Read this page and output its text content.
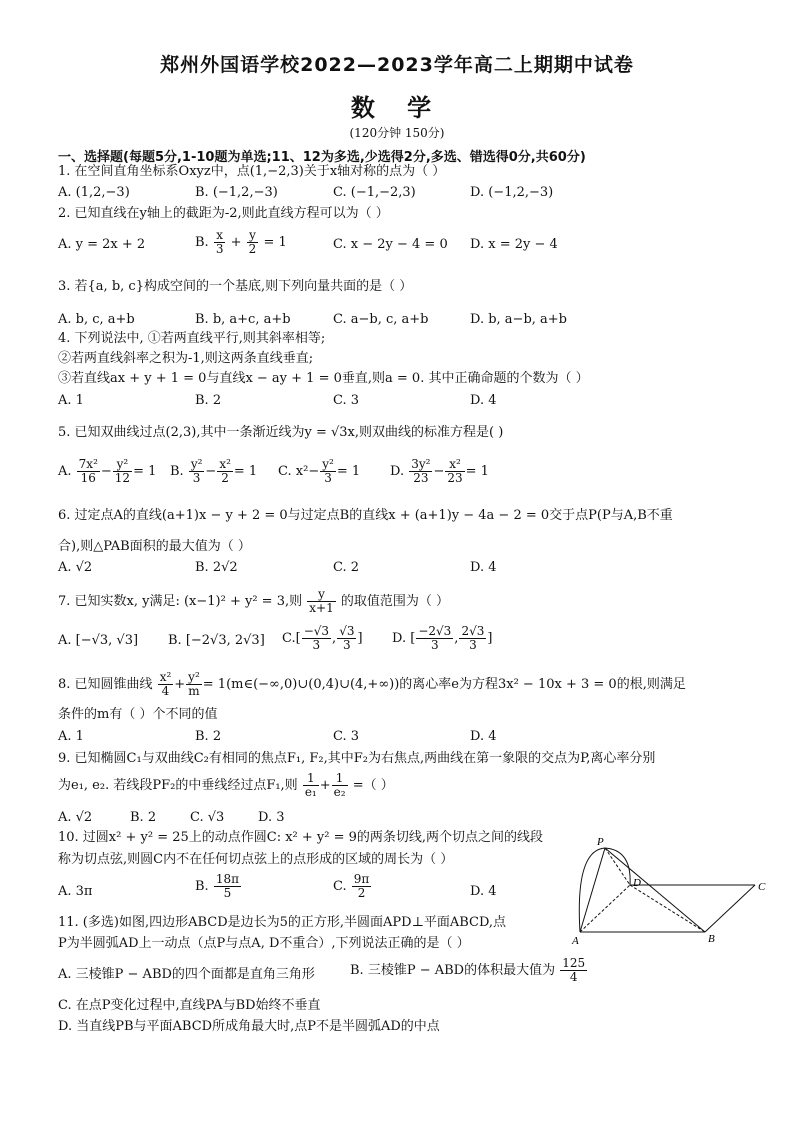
郑州外国语学校2022—2023学年高二上期期中试卷
数 学
(120分钟 150分)
一、选择题(每题5分,1-10题为单选;11、12为多选,少选得2分,多选、错选得0分,共60分)
1. 在空间直角坐标系Oxyz中，点(1,−2,3)关于x轴对称的点为（ ）
A. (1,2,−3)	B. (−1,2,−3)	C. (−1,−2,3)	D. (−1,2,−3)
2. 已知直线在y轴上的截距为-2,则此直线方程可以为（ ）
A. y = 2x + 2	B. $\frac{x}{3} + \frac{y}{2} = 1$	C. x − 2y − 4 = 0 D. x = 2y − 4
3. 若{a, b, c}构成空间的一个基底,则下列向量共面的是（ ）
A. b, c, a+b	B. b, a+c, a+b	C. a−b, c, a+b	D. b, a−b, a+b
4. 下列说法中, ①若两直线平行,则其斜率相等;
②若两直线斜率之积为-1,则这两条直线垂直;
③若直线ax + y + 1 = 0与直线x − ay + 1 = 0垂直,则a = 0. 其中正确命题的个数为（ ）
A. 1	B. 2	C. 3	D. 4
5. 已知双曲线过点(2,3),其中一条渐近线为y = √3x,则双曲线的标准方程是( )
A. $\frac{\text{7x²}}{16} - \frac{\text{y²}}{12} = 1$ B. $\frac{\text{y²}}{3} - \frac{\text{x²}}{2} = 1$ C. $x^2- \frac{\text{y²}}{3} = 1$ D. $\frac{\text{3y²}}{23} - \frac{\text{x²}}{23} = 1$
6. 过定点A的直线(a+1)x − y + 2 = 0与过定点B的直线x + (a+1)y − 4a − 2 = 0交于点P(P与A,B不重
合),则△PAB面积的最大值为（ ）
A. √2	B. 2√2	C. 2	D. 4
7. 已知实数x, y满足: (x−1)² + y² = 3,则 $\frac{y}{x+1}$ 的取值范围为（ ）
A. [−√3, √3] B. [−2√3, 2√3] $C.[ \frac{-√3}{3}$ , $\frac{√3}{3}$ ] D. [ $\frac{-2√3}{3}$ , $\frac{2√3}{3}$ ]
8. 已知圆锥曲线 $\frac{\text{x²}}{4} + \frac{\text{y²}}{m}$ = 1(m∈(−∞,0)∪(0,4)∪(4,+∞))的离心率e为方程3x² − 10x + 3 = 0的根,则满足
条件的m有（ ）个不同的值
A. 1	B. 2	C. 3	D. 4
9. 已知椭圆C₁与双曲线C₂有相同的焦点F₁, F₂,其中F₂为右焦点,两曲线在第一象限的交点为P,离心率分别
为e₁, e₂. 若线段PF₂的中垂线经过点F₁,则 $\frac{1}{\text{e₁}} + \frac{1}{\text{e₂}}$ =（ ）
A. √2	B. 2	C. √3	D. 3
10. 过圆x² + y² = 25上的动点作圆C: x² + y² = 9的两条切线,两个切点之间的线段
称为切点弦,则圆C内不在任何切点弦上的点形成的区域的周长为（ ）
A. 3π	B. $\frac{18\pi}{5}$	C. $\frac{9\pi}{2}$	D. 4
11. (多选)如图,四边形ABCD是边长为5的正方形,半圆面APD⊥平面ABCD,点
P为半圆弧AD上一动点（点P与点A, D不重合）,下列说法正确的是（ ）
A. 三棱锥P − ABD的四个面都是直角三角形	B. 三棱锥P − ABD的体积最大值为 $\frac{125}{4}$
C. 在点P变化过程中,直线PA与BD始终不垂直
D. 当直线PB与平面ABCD所成角最大时,点P不是半圆弧AD的中点
P
D	C
A	B
